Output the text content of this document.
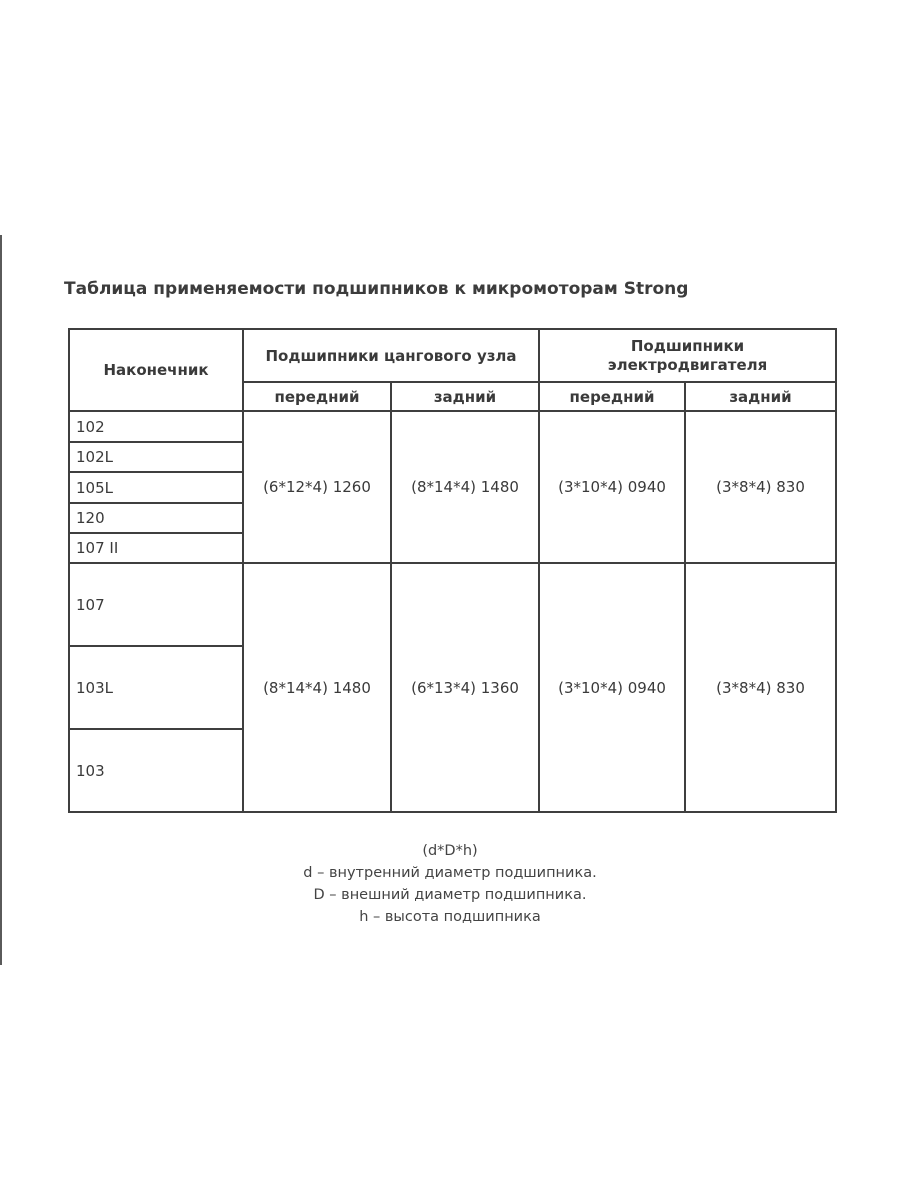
Таблица применяемости подшипников к микромоторам Strong
Наконечник	Подшипники цангового узла		Подшипники
электродвигателя	

	передний	задний	передний	задний
102	(6*12*4) 1260	(8*14*4) 1480	(3*10*4) 0940	(3*8*4) 830
102L				
105L				
120				
107 II				
107	(8*14*4) 1480	(6*13*4) 1360	(3*10*4) 0940	(3*8*4) 830
103L				
103				
(d*D*h)
d – внутренний диаметр подшипника.
D – внешний диаметр подшипника.
h – высота подшипника
